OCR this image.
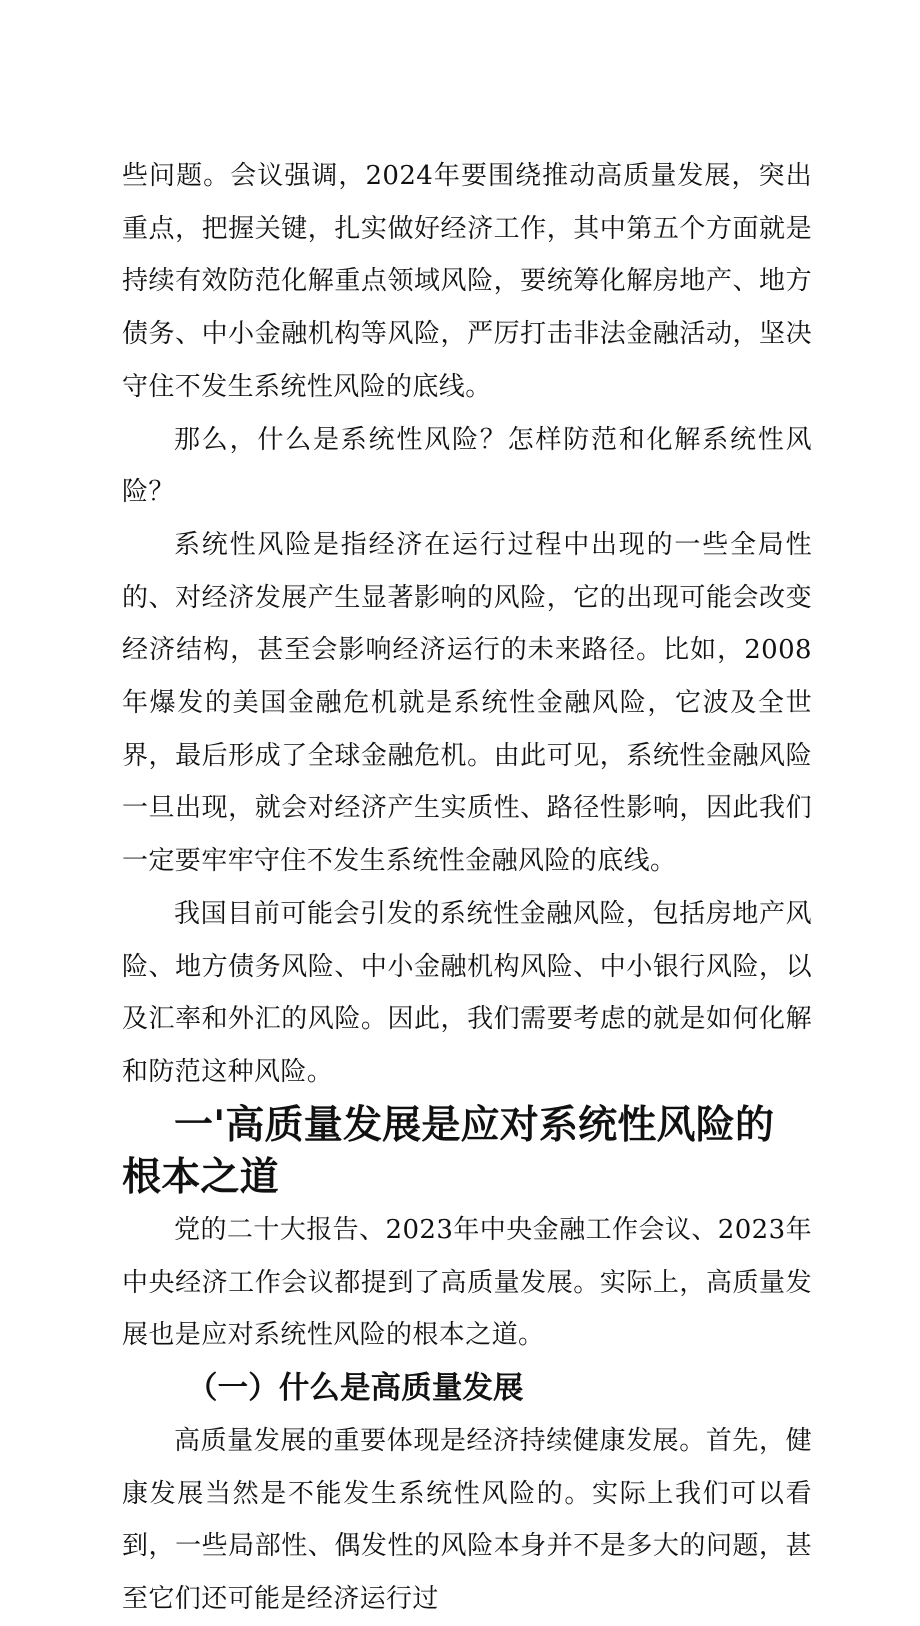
些问题。会议强调，2024年要围绕推动高质量发展，突出重点，把握关键，扎实做好经济工作，其中第五个方面就是持续有效防范化解重点领域风险，要统筹化解房地产、地方债务、中小金融机构等风险，严厉打击非法金融活动，坚决守住不发生系统性风险的底线。

那么，什么是系统性风险？怎样防范和化解系统性风险？

系统性风险是指经济在运行过程中出现的一些全局性的、对经济发展产生显著影响的风险，它的出现可能会改变经济结构，甚至会影响经济运行的未来路径。比如，2008年爆发的美国金融危机就是系统性金融风险，它波及全世界，最后形成了全球金融危机。由此可见，系统性金融风险一旦出现，就会对经济产生实质性、路径性影响，因此我们一定要牢牢守住不发生系统性金融风险的底线。

我国目前可能会引发的系统性金融风险，包括房地产风险、地方债务风险、中小金融机构风险、中小银行风险，以及汇率和外汇的风险。因此，我们需要考虑的就是如何化解和防范这种风险。

一'高质量发展是应对系统性风险的根本之道

党的二十大报告、2023年中央金融工作会议、2023年中央经济工作会议都提到了高质量发展。实际上，高质量发展也是应对系统性风险的根本之道。

（一）什么是高质量发展

高质量发展的重要体现是经济持续健康发展。首先，健康发展当然是不能发生系统性风险的。实际上我们可以看到，一些局部性、偶发性的风险本身并不是多大的问题，甚至它们还可能是经济运行过
